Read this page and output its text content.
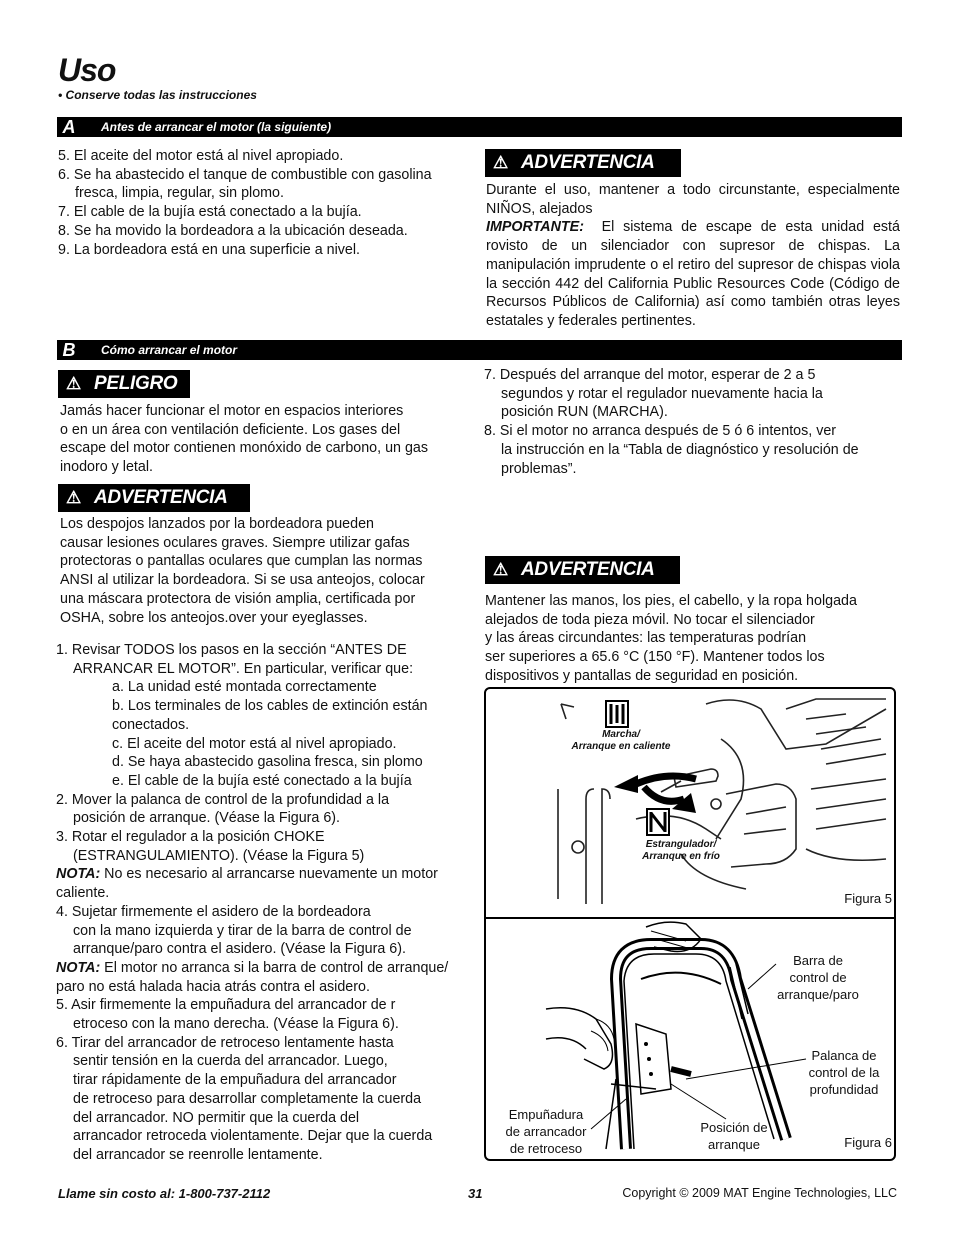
Uso
• Conserve todas las instrucciones
A	Antes de arrancar el motor (la siguiente)

5. El aceite del motor está al nivel apropiado.

6. Se ha abastecido el tanque de combustible con gasolina fresca, limpia, regular, sin plomo.

7. El cable de la bujía está conectado a la bujía.

8. Se ha movido la bordeadora a la ubicación deseada.

9. La bordeadora está en una superficie a nivel.

⚠ ADVERTENCIA

Durante el uso, mantener a todo circunstante, especialmente NIÑOS, alejados

IMPORTANTE: El sistema de escape de esta unidad está rovisto de un silenciador con supresor de chispas. La manipulación imprudente o el retiro del supresor de chispas viola la sección 442 del California Public Resources Code (Código de Recursos Públicos de California) así como también otras leyes estatales y federales pertinentes.

B	Cómo arrancar el motor
⚠ PELIGRO

Jamás hacer funcionar el motor en espacios interiores

o en un área con ventilación deficiente. Los gases del

escape del motor contienen monóxido de carbono, un gas

inodoro y letal.

⚠ ADVERTENCIA

Los despojos lanzados por la bordeadora pueden

causar lesiones oculares graves. Siempre utilizar gafas

protectoras o pantallas oculares que cumplan las normas

ANSI al utilizar la bordeadora. Si se usa anteojos, colocar

una máscara protectora de visión amplia, certificada por

OSHA, sobre los anteojos.over your eyeglasses.

1. Revisar TODOS los pasos en la sección “ANTES DE

ARRANCAR EL MOTOR”. En particular, verificar que:

a. La unidad esté montada correctamente

b. Los terminales de los cables de extinción están

conectados.

c. El aceite del motor está al nivel apropiado.

d. Se haya abastecido gasolina fresca, sin plomo

e. El cable de la bujía esté conectado a la bujía

2. Mover la palanca de control de la profundidad a la

posición de arranque. (Véase la Figura 6).

3. Rotar el regulador a la posición CHOKE

(ESTRANGULAMIENTO). (Véase la Figura 5)

NOTA: No es necesario al arrancarse nuevamente un motor

caliente.

4. Sujetar firmemente el asidero de la bordeadora

con la mano izquierda y tirar de la barra de control de

arranque/paro contra el asidero. (Véase la Figura 6).

NOTA: El motor no arranca si la barra de control de arranque/

paro no está halada hacia atrás contra el asidero.

5. Asir firmemente la empuñadura del arrancador de r

etroceso con la mano derecha. (Véase la Figura 6).

6. Tirar del arrancador de retroceso lentamente hasta

sentir tensión en la cuerda del arrancador. Luego,

tirar rápidamente de la empuñadura del arrancador

de retroceso para desarrollar completamente la cuerda

del arrancador. NO permitir que la cuerda del

arrancador retroceda violentamente. Dejar que la cuerda

del arrancador se reenrolle lentamente.

7. Después del arranque del motor, esperar de 2 a 5

segundos y rotar el regulador nuevamente hacia la

posición RUN (MARCHA).

8. Si el motor no arranca después de 5 ó 6 intentos, ver

la instrucción en la “Tabla de diagnóstico y resolución de

problemas”.

⚠ ADVERTENCIA

Mantener las manos, los pies, el cabello, y la ropa holgada

alejados de toda pieza móvil. No tocar el silenciador

y las áreas circundantes: las temperaturas podrían

ser superiores a 65.6 °C (150 °F). Mantener todos los

dispositivos y pantallas de seguridad en posición.

Marcha/
Arranque en caliente
Estrangulador/
Arranque en frío
Figura 5
Barra de
control de
arranque/paro
Palanca de
control de la
profundidad
Empuñadura
de arrancador
de retroceso
Posición de
arranque	Figura 6
Llame sin costo al: 1-800-737-2112	31	Copyright © 2009 MAT Engine Technologies, LLC
